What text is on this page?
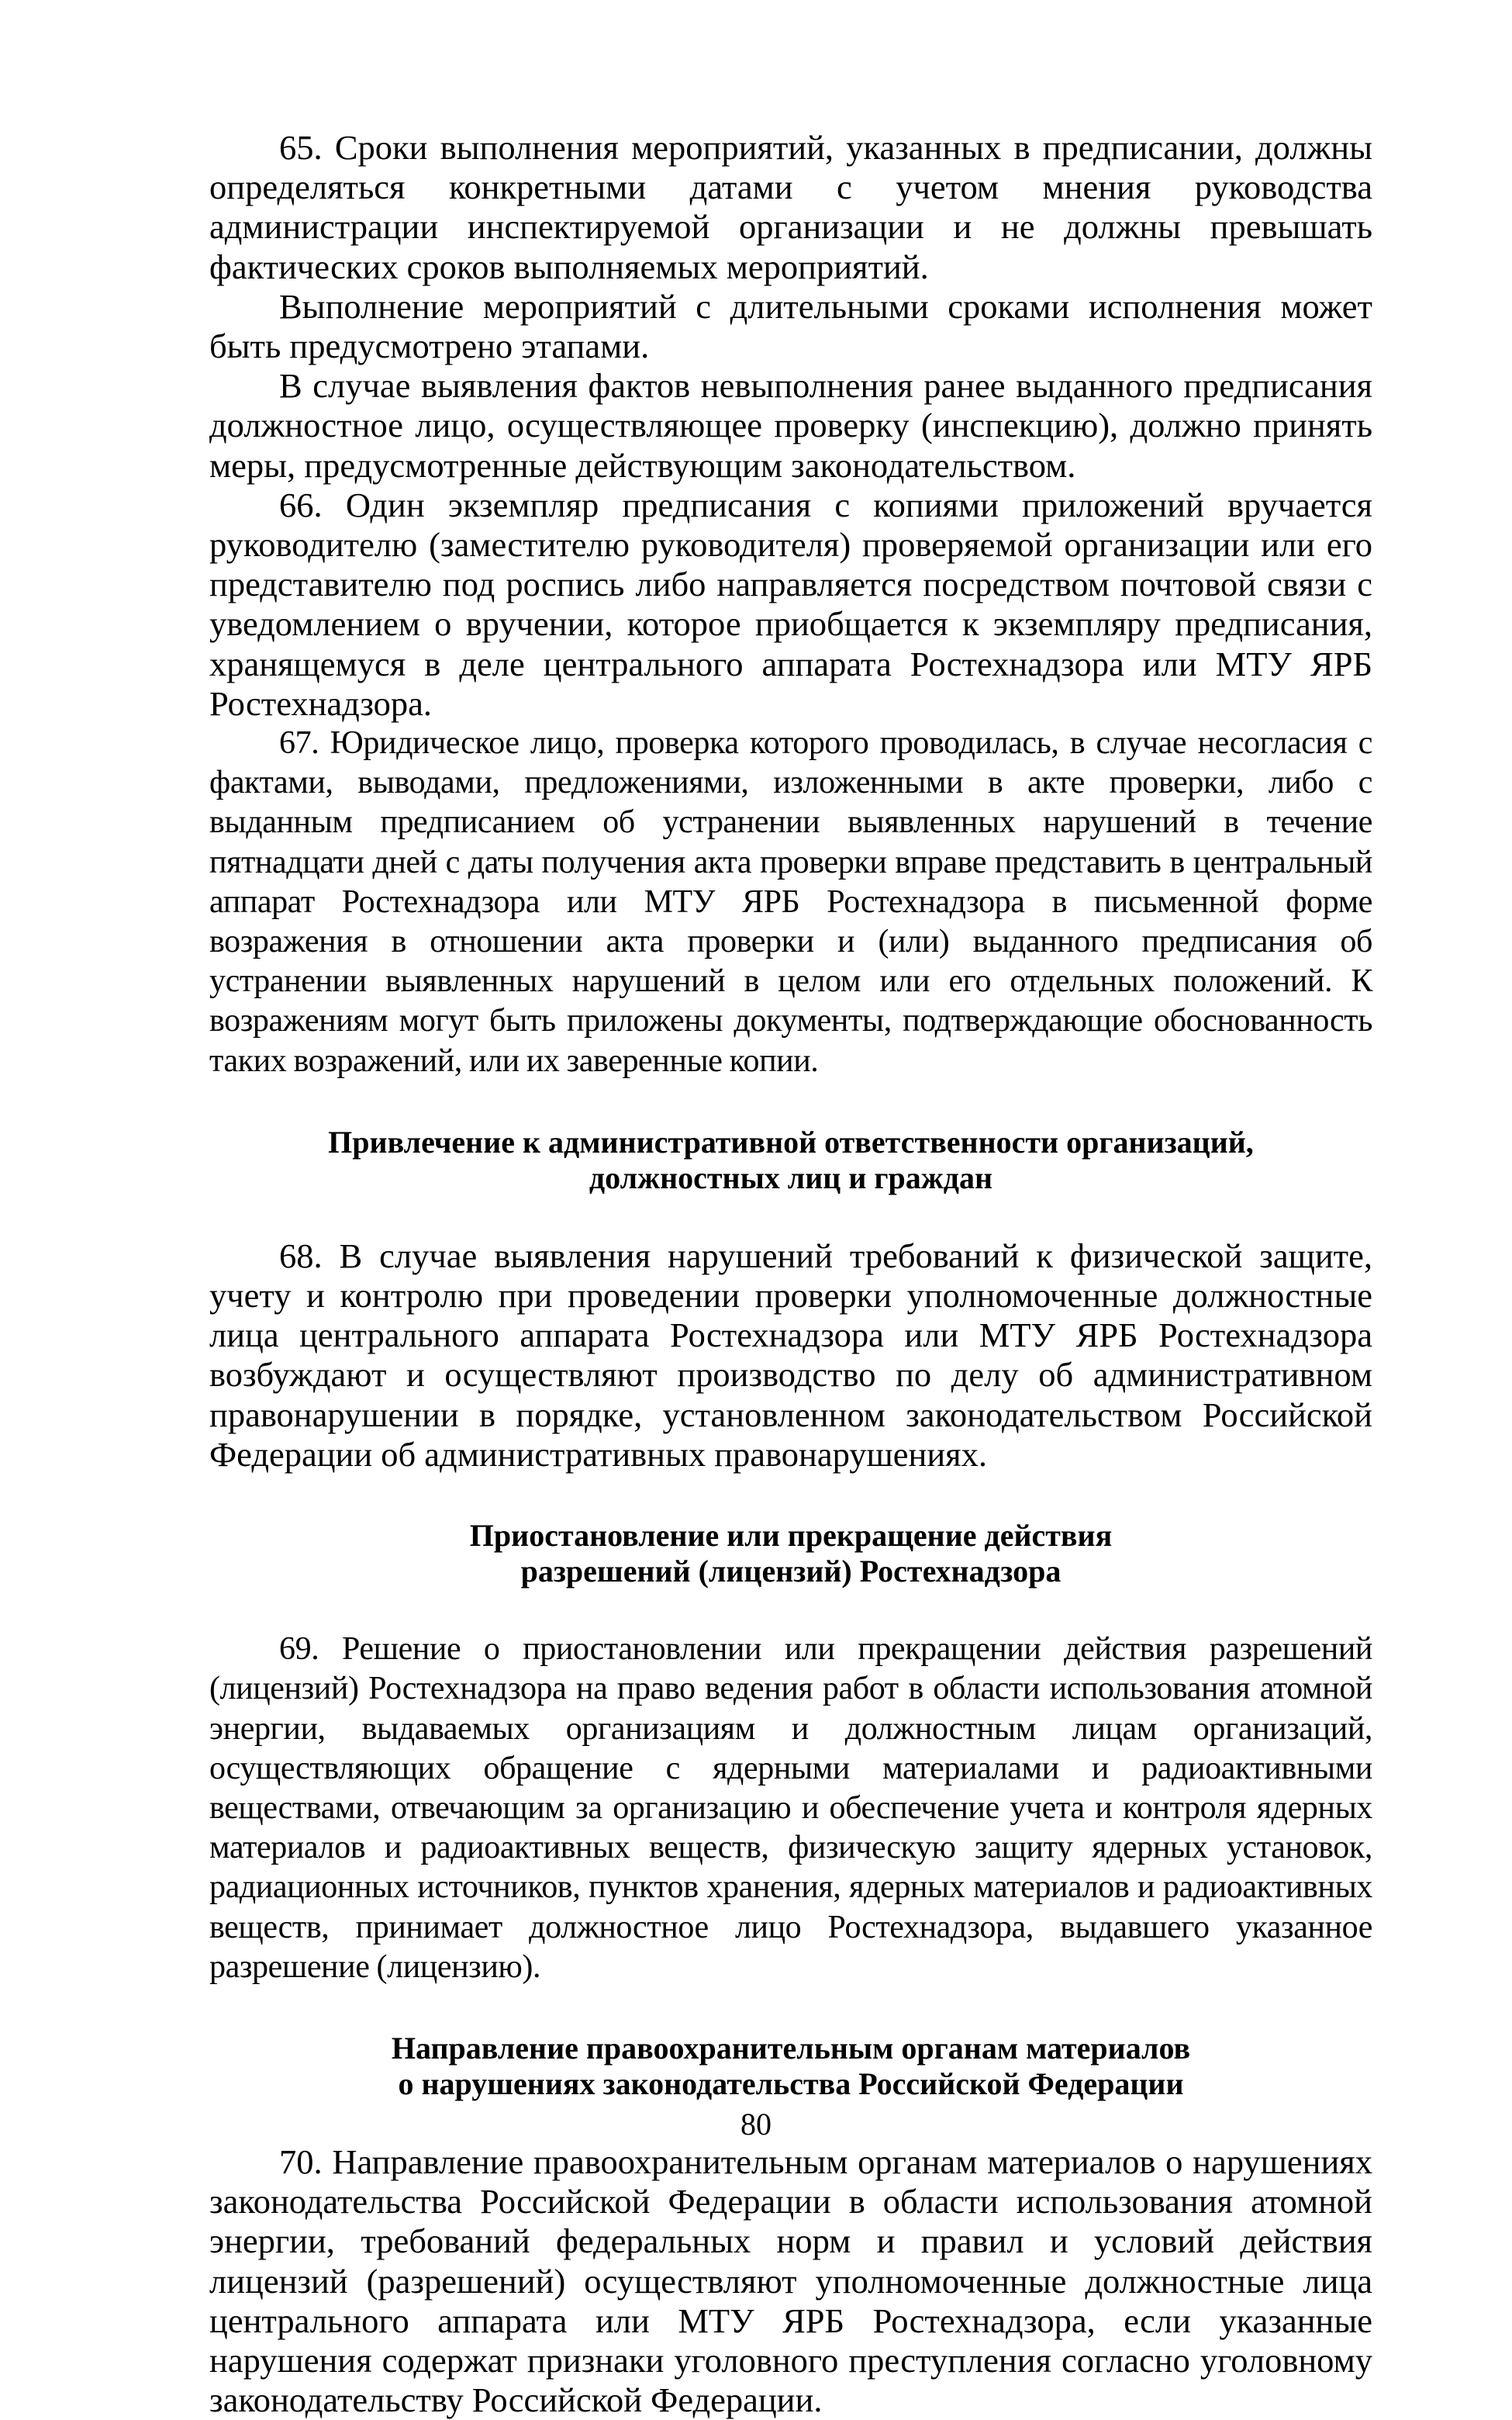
65. Сроки выполнения мероприятий, указанных в предписании, должны определяться конкретными датами с учетом мнения руководства администрации инспектируемой организации и не должны превышать фактических сроков выполняемых мероприятий.

Выполнение мероприятий с длительными сроками исполнения может быть предусмотрено этапами.

В случае выявления фактов невыполнения ранее выданного предписания должностное лицо, осуществляющее проверку (инспекцию), должно принять меры, предусмотренные действующим законодательством.

66. Один экземпляр предписания с копиями приложений вручается руководителю (заместителю руководителя) проверяемой организации или его представителю под роспись либо направляется посредством почтовой связи с уведомлением о вручении, которое приобщается к экземпляру предписания, хранящемуся в деле центрального аппарата Ростехнадзора или МТУ ЯРБ Ростехнадзора.

67. Юридическое лицо, проверка которого проводилась, в случае несогласия с фактами, выводами, предложениями, изложенными в акте проверки, либо с выданным предписанием об устранении выявленных нарушений в течение пятнадцати дней с даты получения акта проверки вправе представить в центральный аппарат Ростехнадзора или МТУ ЯРБ Ростехнадзора в письменной форме возражения в отношении акта проверки и (или) выданного предписания об устранении выявленных нарушений в целом или его отдельных положений. К возражениям могут быть приложены документы, подтверждающие обоснованность таких возражений, или их заверенные копии.

Привлечение к административной ответственности организаций,
должностных лиц и граждан

68. В случае выявления нарушений требований к физической защите, учету и контролю при проведении проверки уполномоченные должностные лица центрального аппарата Ростехнадзора или МТУ ЯРБ Ростехнадзора возбуждают и осуществляют производство по делу об административном правонарушении в порядке, установленном законодательством Российской Федерации об административных правонарушениях.

Приостановление или прекращение действия
разрешений (лицензий) Ростехнадзора

69. Решение о приостановлении или прекращении действия разрешений (лицензий) Ростехнадзора на право ведения работ в области использования атомной энергии, выдаваемых организациям и должностным лицам организаций, осуществляющих обращение с ядерными материалами и радиоактивными веществами, отвечающим за организацию и обеспечение учета и контроля ядерных материалов и радиоактивных веществ, физическую защиту ядерных установок, радиационных источников, пунктов хранения, ядерных материалов и радиоактивных веществ, принимает должностное лицо Ростехнадзора, выдавшего указанное разрешение (лицензию).

Направление правоохранительным органам материалов
о нарушениях законодательства Российской Федерации

70. Направление правоохранительным органам материалов о нарушениях законодательства Российской Федерации в области использования атомной энергии, требований федеральных норм и правил и условий действия лицензий (разрешений) осуществляют уполномоченные должностные лица центрального аппарата или МТУ ЯРБ Ростехнадзора, если указанные нарушения содержат признаки уголовного преступления согласно уголовному законодательству Российской Федерации.

80
